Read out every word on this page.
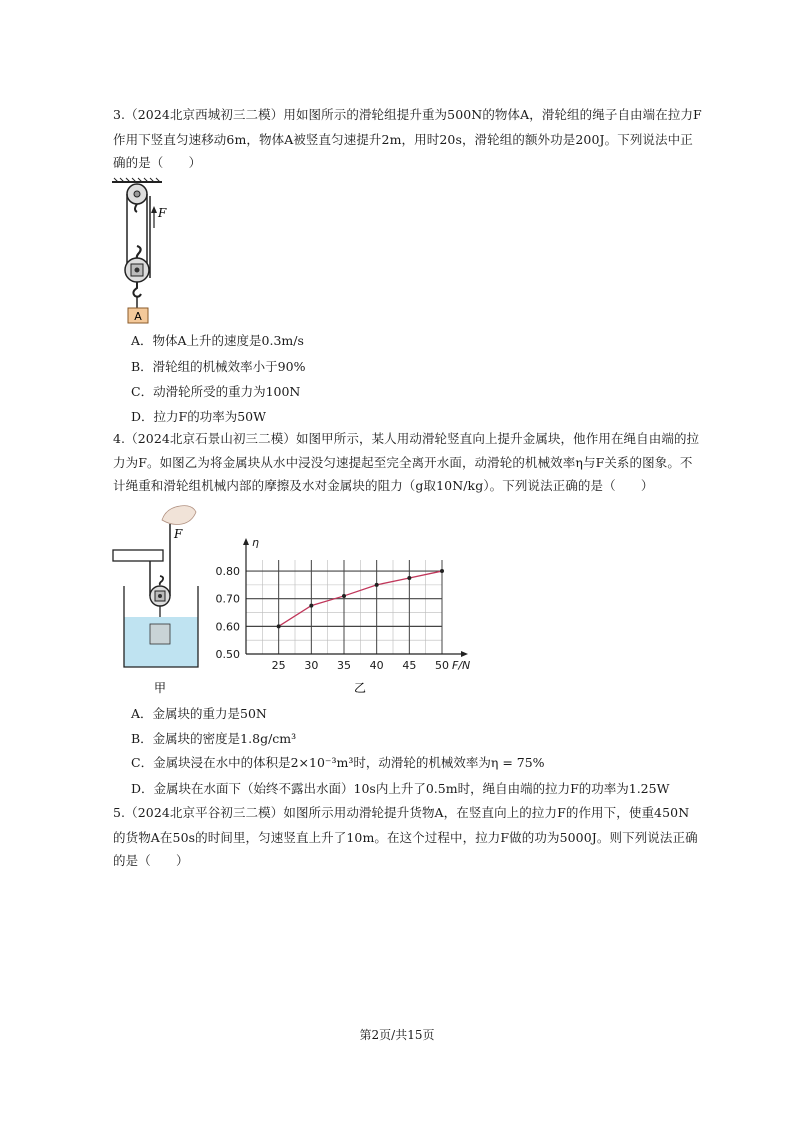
3.（2024北京西城初三二模）用如图所示的滑轮组提升重为500N的物体A，滑轮组的绳子自由端在拉力F
作用下竖直匀速移动6m，物体A被竖直匀速提升2m，用时20s，滑轮组的额外功是200J。下列说法中正
确的是（　　）
F
A
A．物体A上升的速度是0.3m/s
B．滑轮组的机械效率小于90%
C．动滑轮所受的重力为100N
D．拉力F的功率为50W
4.（2024北京石景山初三二模）如图甲所示，某人用动滑轮竖直向上提升金属块，他作用在绳自由端的拉
力为F。如图乙为将金属块从水中浸没匀速提起至完全离开水面，动滑轮的机械效率η与F关系的图象。不
计绳重和滑轮组机械内部的摩擦及水对金属块的阻力（g取10N/kg）。下列说法正确的是（　　）
F
甲
25 30 35 40 45 50
0.50
0.60
0.70
0.80
F/N
η
A．金属块的重力是50N
B．金属块的密度是1.8g/cm³
C．金属块浸在水中的体积是2×10⁻³m³时，动滑轮的机械效率为η = 75%
D．金属块在水面下（始终不露出水面）10s内上升了0.5m时，绳自由端的拉力F的功率为1.25W
5.（2024北京平谷初三二模）如图所示用动滑轮提升货物A，在竖直向上的拉力F的作用下，使重450N
的货物A在50s的时间里，匀速竖直上升了10m。在这个过程中，拉力F做的功为5000J。则下列说法正确
的是（　　）
第2页/共15页
乙
